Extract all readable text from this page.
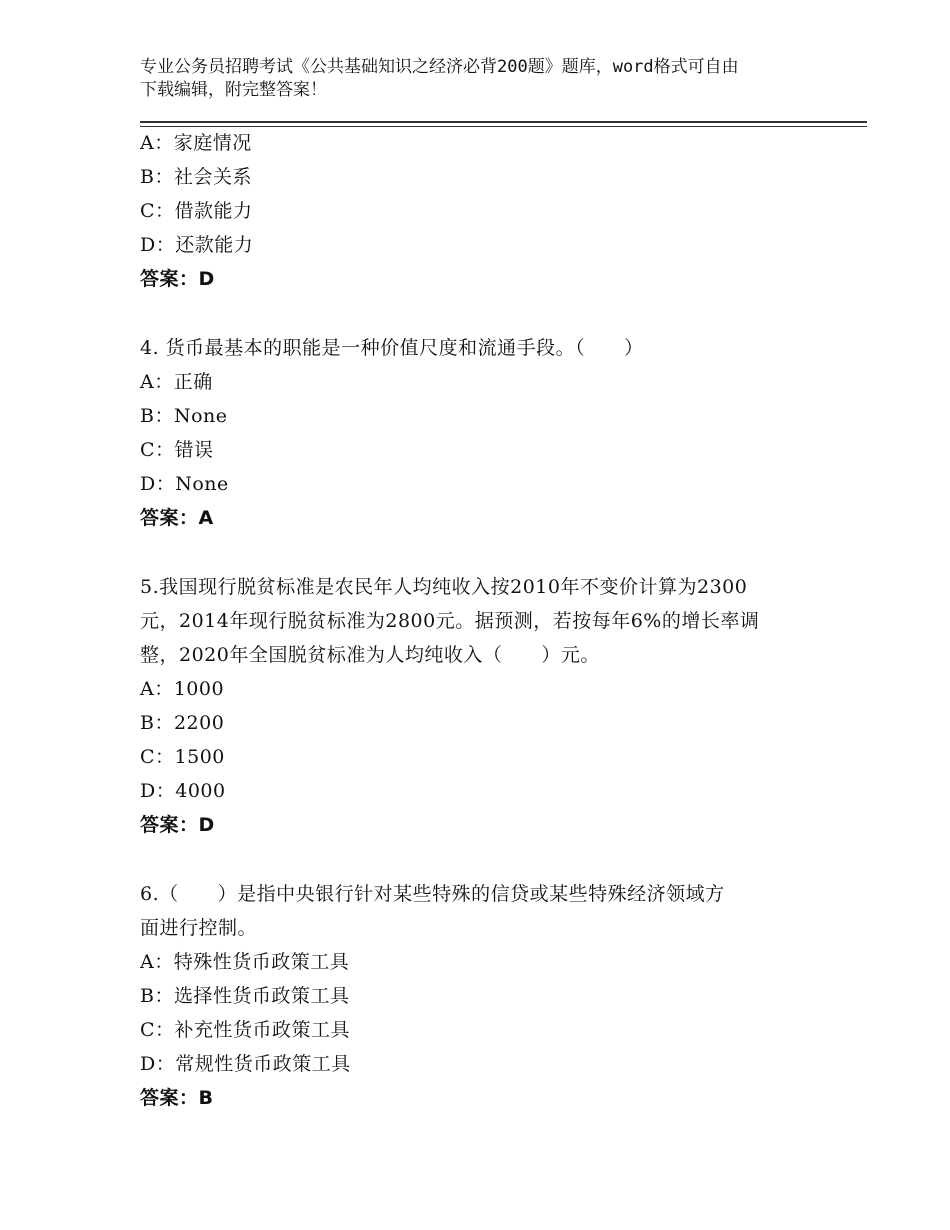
专业公务员招聘考试《公共基础知识之经济必背200题》题库，word格式可自由
下载编辑，附完整答案！
A：家庭情况
B：社会关系
C：借款能力
D：还款能力
答案：D
4. 货币最基本的职能是一种价值尺度和流通手段。（　　）
A：正确
B：None
C：错误
D：None
答案：A
5.我国现行脱贫标准是农民年人均纯收入按2010年不变价计算为2300
元，2014年现行脱贫标准为2800元。据预测，若按每年6%的增长率调
整，2020年全国脱贫标准为人均纯收入（　　）元。
A：1000
B：2200
C：1500
D：4000
答案：D
6.（　　）是指中央银行针对某些特殊的信贷或某些特殊经济领域方
面进行控制。
A：特殊性货币政策工具
B：选择性货币政策工具
C：补充性货币政策工具
D：常规性货币政策工具
答案：B
